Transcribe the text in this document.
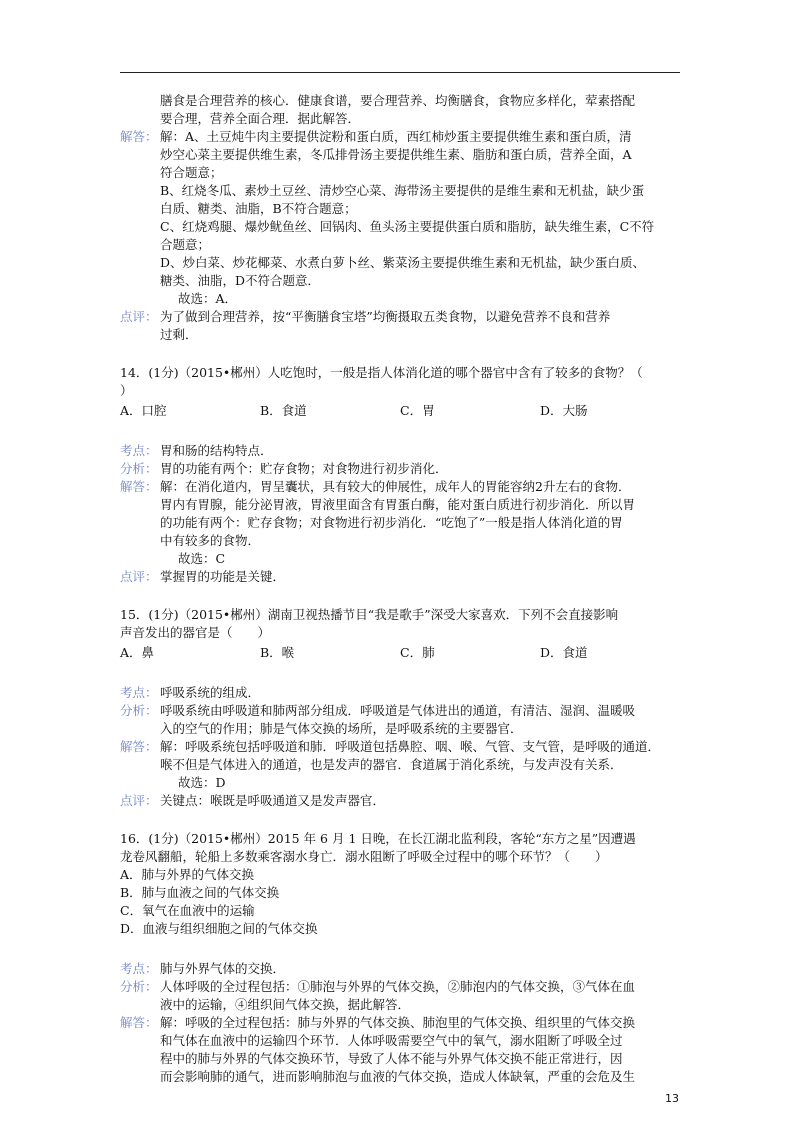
膳食是合理营养的核心．健康食谱，要合理营养、均衡膳食，食物应多样化，荤素搭配
要合理，营养全面合理．据此解答．
解答： 解：A、土豆炖牛肉主要提供淀粉和蛋白质，西红柿炒蛋主要提供维生素和蛋白质，清
炒空心菜主要提供维生素，冬瓜排骨汤主要提供维生素、脂肪和蛋白质，营养全面，A
符合题意；
B、红烧冬瓜、素炒土豆丝、清炒空心菜、海带汤主要提供的是维生素和无机盐，缺少蛋
白质、糖类、油脂，B不符合题意；
C、红烧鸡腿、爆炒鱿鱼丝、回锅肉、鱼头汤主要提供蛋白质和脂肪，缺失维生素，C不符
合题意；
D、炒白菜、炒花椰菜、水煮白萝卜丝、紫菜汤主要提供维生素和无机盐，缺少蛋白质、
糖类、油脂，D不符合题意．
故选：A．
点评： 为了做到合理营养，按“平衡膳食宝塔”均衡摄取五类食物，以避免营养不良和营养
过剩．
14．(1分)（2015•郴州）人吃饱时，一般是指人体消化道的哪个器官中含有了较多的食物？（
）
A．口腔	B．食道	C．胃	D．大肠
考点： 胃和肠的结构特点．
分析： 胃的功能有两个：贮存食物；对食物进行初步消化．
解答： 解：在消化道内，胃呈囊状，具有较大的伸展性，成年人的胃能容纳2升左右的食物．
胃内有胃腺，能分泌胃液，胃液里面含有胃蛋白酶，能对蛋白质进行初步消化．所以胃
的功能有两个：贮存食物；对食物进行初步消化．“吃饱了”一般是指人体消化道的胃
中有较多的食物．
故选：C
点评： 掌握胃的功能是关键．
15．(1分)（2015•郴州）湖南卫视热播节目“我是歌手”深受大家喜欢．下列不会直接影响
声音发出的器官是（　　）
A．鼻	B．喉	C．肺	D．食道
考点： 呼吸系统的组成．
分析： 呼吸系统由呼吸道和肺两部分组成．呼吸道是气体进出的通道，有清洁、湿润、温暖吸
入的空气的作用；肺是气体交换的场所，是呼吸系统的主要器官．
解答： 解：呼吸系统包括呼吸道和肺．呼吸道包括鼻腔、咽、喉、气管、支气管，是呼吸的通道．
喉不但是气体进入的通道，也是发声的器官．食道属于消化系统，与发声没有关系．
故选：D
点评： 关键点：喉既是呼吸通道又是发声器官．
16．(1分)（2015•郴州）2015 年 6 月 1 日晚，在长江湖北监利段，客轮“东方之星”因遭遇
龙卷风翻船，轮船上多数乘客溺水身亡．溺水阻断了呼吸全过程中的哪个环节？（　　）
A．肺与外界的气体交换
B．肺与血液之间的气体交换
C．氧气在血液中的运输
D．血液与组织细胞之间的气体交换
考点： 肺与外界气体的交换．
分析： 人体呼吸的全过程包括：①肺泡与外界的气体交换，②肺泡内的气体交换，③气体在血
液中的运输，④组织间气体交换，据此解答．
解答： 解：呼吸的全过程包括：肺与外界的气体交换、肺泡里的气体交换、组织里的气体交换
和气体在血液中的运输四个环节．人体呼吸需要空气中的氧气，溺水阻断了呼吸全过
程中的肺与外界的气体交换环节，导致了人体不能与外界气体交换不能正常进行，因
而会影响肺的通气，进而影响肺泡与血液的气体交换，造成人体缺氧，严重的会危及生
13
